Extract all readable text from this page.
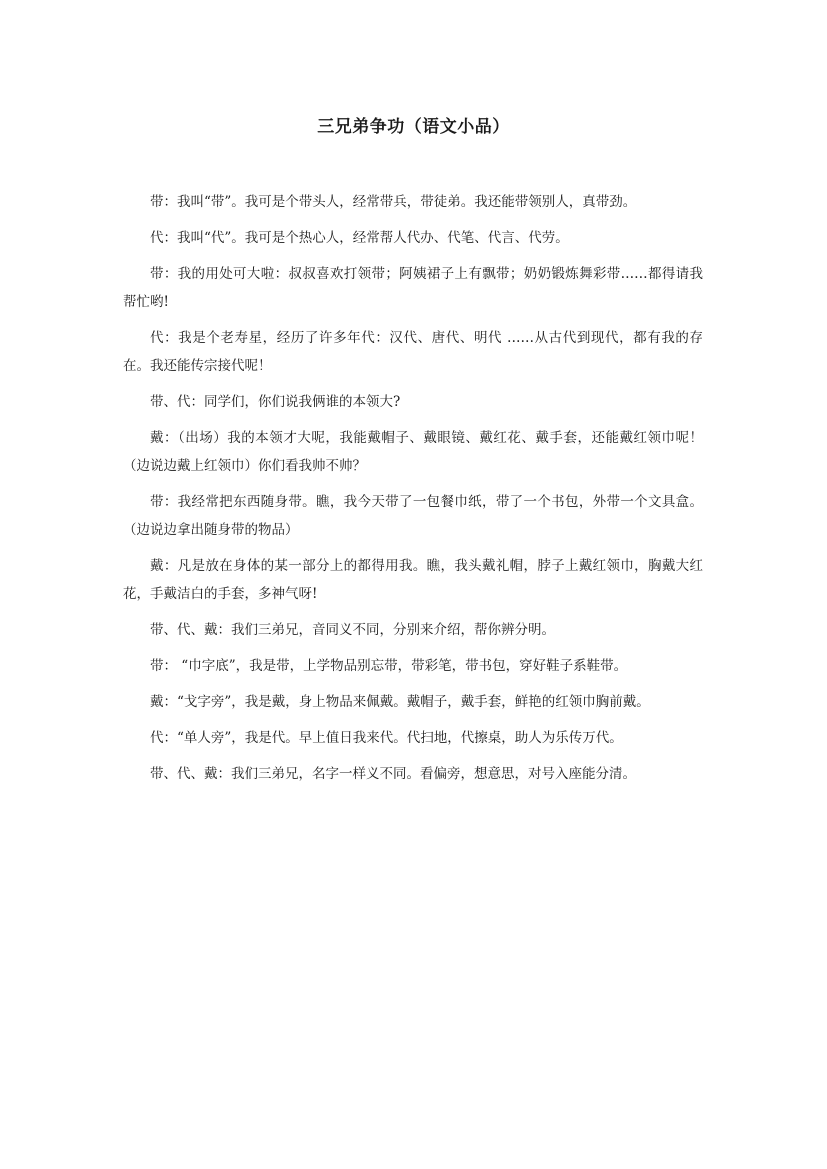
三兄弟争功（语文小品）

带：我叫“带”。我可是个带头人，经常带兵，带徒弟。我还能带领别人，真带劲。

代：我叫“代”。我可是个热心人，经常帮人代办、代笔、代言、代劳。

带：我的用处可大啦：叔叔喜欢打领带；阿姨裙子上有飘带；奶奶锻炼舞彩带……都得请我帮忙哟!

代：我是个老寿星，经历了许多年代：汉代、唐代、明代 ……从古代到现代，都有我的存在。我还能传宗接代呢！

带、代：同学们，你们说我俩谁的本领大?

戴：（出场）我的本领才大呢，我能戴帽子、戴眼镜、戴红花、戴手套，还能戴红领巾呢！（边说边戴上红领巾）你们看我帅不帅？

带：我经常把东西随身带。瞧，我今天带了一包餐巾纸，带了一个书包，外带一个文具盒。（边说边拿出随身带的物品）

戴：凡是放在身体的某一部分上的都得用我。瞧，我头戴礼帽，脖子上戴红领巾，胸戴大红花，手戴洁白的手套，多神气呀!

带、代、戴：我们三弟兄，音同义不同，分别来介绍，帮你辨分明。

带： “巾字底”，我是带，上学物品别忘带，带彩笔，带书包，穿好鞋子系鞋带。

戴：“戈字旁”，我是戴，身上物品来佩戴。戴帽子，戴手套，鲜艳的红领巾胸前戴。

代：“单人旁”，我是代。早上值日我来代。代扫地，代擦桌，助人为乐传万代。

带、代、戴：我们三弟兄，名字一样义不同。看偏旁，想意思，对号入座能分清。
